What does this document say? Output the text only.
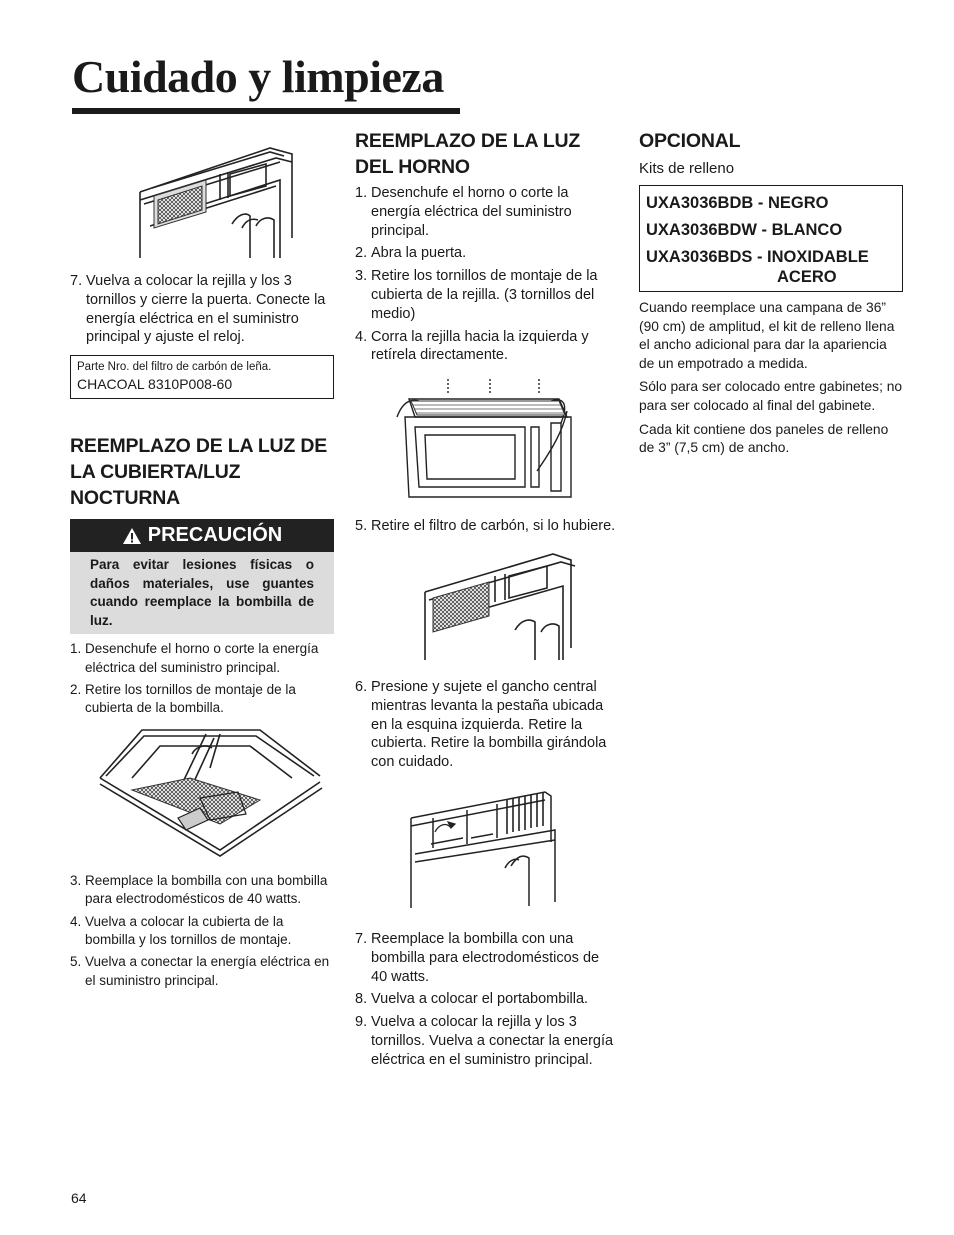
Cuidado y limpieza
7. Vuelva a colocar la rejilla y los 3 tornillos y cierre la puerta. Conecte la energía eléctrica en el suministro principal y ajuste el reloj.
Parte Nro. del filtro de carbón de leña.
CHACOAL 8310P008-60
REEMPLAZO DE LA LUZ DE LA CUBIERTA/LUZ NOCTURNA
PRECAUCIÓN
Para evitar lesiones físicas o daños materiales, use guantes cuando reemplace la bombilla de luz.
1. Desenchufe el horno o corte la energía eléctrica del suministro principal.
2. Retire los tornillos de montaje de la cubierta de la bombilla.
3. Reemplace la bombilla con una bombilla para electrodomésticos de 40 watts.
4. Vuelva a colocar la cubierta de la bombilla y los tornillos de montaje.
5. Vuelva a conectar la energía eléctrica en el suministro principal.
REEMPLAZO DE LA LUZ DEL HORNO
1. Desenchufe el horno o corte la energía eléctrica del suministro principal.
2. Abra la puerta.
3. Retire los tornillos de montaje de la cubierta de la rejilla. (3 tornillos del medio)
4. Corra la rejilla hacia la izquierda y retírela directamente.
5. Retire el filtro de carbón, si lo hubiere.
6. Presione y sujete el gancho central mientras levanta la pestaña ubicada en la esquina izquierda. Retire la cubierta. Retire la bombilla girándola con cuidado.
7. Reemplace la bombilla con una bombilla para electrodomésticos de 40 watts.
8. Vuelva a colocar el portabombilla.
9. Vuelva a colocar la rejilla y los 3 tornillos. Vuelva a conectar la energía eléctrica en el suministro principal.
OPCIONAL
Kits de relleno
UXA3036BDB - NEGRO
UXA3036BDW - BLANCO
UXA3036BDS - INOXIDABLE
ACERO
Cuando reemplace una campana de 36” (90 cm) de amplitud, el kit de relleno llena el ancho adicional para dar la apariencia de un empotrado a medida.
Sólo para ser colocado entre gabinetes; no para ser colocado al final del gabinete.
Cada kit contiene dos paneles de relleno de 3” (7,5 cm) de ancho.
64
